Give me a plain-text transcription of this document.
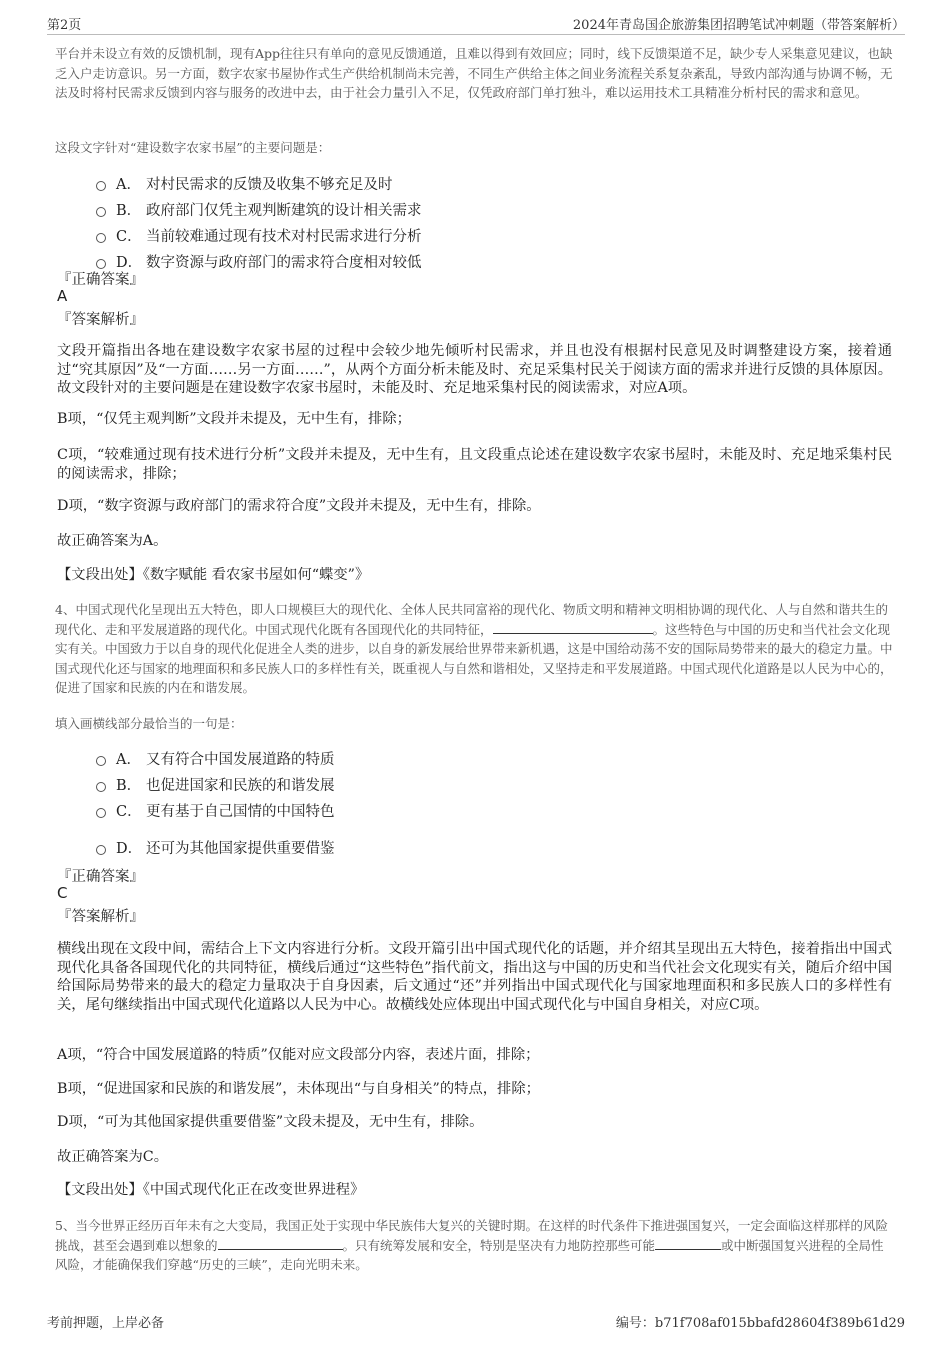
第2页	2024年青岛国企旅游集团招聘笔试冲刺题（带答案解析）
平台并未设立有效的反馈机制，现有App往往只有单向的意见反馈通道，且难以得到有效回应；同时，线下反馈渠道不足，缺少专人采集意见建议，也缺乏入户走访意识。另一方面，数字农家书屋协作式生产供给机制尚未完善，不同生产供给主体之间业务流程关系复杂紊乱，导致内部沟通与协调不畅，无法及时将村民需求反馈到内容与服务的改进中去，由于社会力量引入不足，仅凭政府部门单打独斗，难以运用技术工具精准分析村民的需求和意见。
这段文字针对“建设数字农家书屋”的主要问题是：
A． 对村民需求的反馈及收集不够充足及时
B． 政府部门仅凭主观判断建筑的设计相关需求
C． 当前较难通过现有技术对村民需求进行分析
D． 数字资源与政府部门的需求符合度相对较低
『正确答案』
A
『答案解析』
文段开篇指出各地在建设数字农家书屋的过程中会较少地先倾听村民需求，并且也没有根据村民意见及时调整建设方案，接着通过“究其原因”及“一方面……另一方面……”，从两个方面分析未能及时、充足采集村民关于阅读方面的需求并进行反馈的具体原因。故文段针对的主要问题是在建设数字农家书屋时，未能及时、充足地采集村民的阅读需求，对应A项。
B项，“仅凭主观判断”文段并未提及，无中生有，排除；
C项，“较难通过现有技术进行分析”文段并未提及，无中生有，且文段重点论述在建设数字农家书屋时，未能及时、充足地采集村民的阅读需求，排除；
D项，“数字资源与政府部门的需求符合度”文段并未提及，无中生有，排除。
故正确答案为A。
【文段出处】《数字赋能 看农家书屋如何“蝶变”》
4、中国式现代化呈现出五大特色，即人口规模巨大的现代化、全体人民共同富裕的现代化、物质文明和精神文明相协调的现代化、人与自然和谐共生的现代化、走和平发展道路的现代化。中国式现代化既有各国现代化的共同特征，	。这些特色与中国的历史和当代社会文化现实有关。中国致力于以自身的现代化促进全人类的进步，以自身的新发展给世界带来新机遇，这是中国给动荡不安的国际局势带来的最大的稳定力量。中国式现代化还与国家的地理面积和多民族人口的多样性有关，既重视人与自然和谐相处，又坚持走和平发展道路。中国式现代化道路是以人民为中心的，促进了国家和民族的内在和谐发展。
填入画横线部分最恰当的一句是：
A． 又有符合中国发展道路的特质
B． 也促进国家和民族的和谐发展
C． 更有基于自己国情的中国特色
D． 还可为其他国家提供重要借鉴
『正确答案』
C
『答案解析』
横线出现在文段中间，需结合上下文内容进行分析。文段开篇引出中国式现代化的话题，并介绍其呈现出五大特色，接着指出中国式现代化具备各国现代化的共同特征，横线后通过“这些特色”指代前文，指出这与中国的历史和当代社会文化现实有关，随后介绍中国给国际局势带来的最大的稳定力量取决于自身因素，后文通过“还”并列指出中国式现代化与国家地理面积和多民族人口的多样性有关，尾句继续指出中国式现代化道路以人民为中心。故横线处应体现出中国式现代化与中国自身相关，对应C项。
A项，“符合中国发展道路的特质”仅能对应文段部分内容，表述片面，排除；
B项，“促进国家和民族的和谐发展”，未体现出“与自身相关”的特点，排除；
D项，“可为其他国家提供重要借鉴”文段未提及，无中生有，排除。
故正确答案为C。
【文段出处】《中国式现代化正在改变世界进程》
5、当今世界正经历百年未有之大变局，我国正处于实现中华民族伟大复兴的关键时期。在这样的时代条件下推进强国复兴，一定会面临这样那样的风险挑战，甚至会遇到难以想象的	。只有统筹发展和安全，特别是坚决有力地防控那些可能	或中断强国复兴进程的全局性风险，才能确保我们穿越“历史的三峡”，走向光明未来。
考前押题，上岸必备	编号：b71f708af015bbafd28604f389b61d29
